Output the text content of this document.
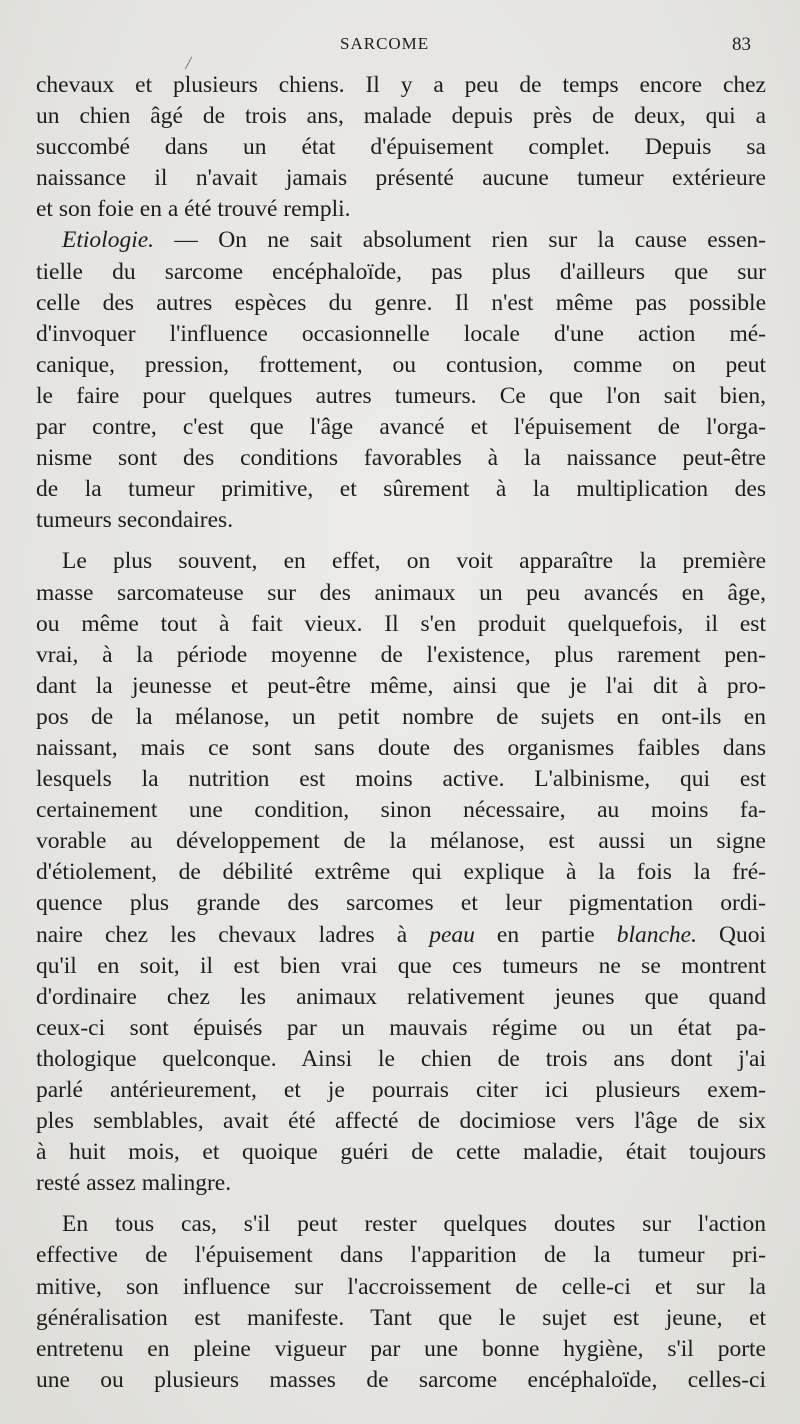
SARCOME	83
chevaux et plusieurs chiens. Il y a peu de temps encore chez
un chien âgé de trois ans, malade depuis près de deux, qui a
succombé dans un état d'épuisement complet. Depuis sa
naissance il n'avait jamais présenté aucune tumeur extérieure
et son foie en a été trouvé rempli.
Etiologie. — On ne sait absolument rien sur la cause essen-
tielle du sarcome encéphaloïde, pas plus d'ailleurs que sur
celle des autres espèces du genre. Il n'est même pas possible
d'invoquer l'influence occasionnelle locale d'une action mé-
canique, pression, frottement, ou contusion, comme on peut
le faire pour quelques autres tumeurs. Ce que l'on sait bien,
par contre, c'est que l'âge avancé et l'épuisement de l'orga-
nisme sont des conditions favorables à la naissance peut-être
de la tumeur primitive, et sûrement à la multiplication des
tumeurs secondaires.
Le plus souvent, en effet, on voit apparaître la première
masse sarcomateuse sur des animaux un peu avancés en âge,
ou même tout à fait vieux. Il s'en produit quelquefois, il est
vrai, à la période moyenne de l'existence, plus rarement pen-
dant la jeunesse et peut-être même, ainsi que je l'ai dit à pro-
pos de la mélanose, un petit nombre de sujets en ont-ils en
naissant, mais ce sont sans doute des organismes faibles dans
lesquels la nutrition est moins active. L'albinisme, qui est
certainement une condition, sinon nécessaire, au moins fa-
vorable au développement de la mélanose, est aussi un signe
d'étiolement, de débilité extrême qui explique à la fois la fré-
quence plus grande des sarcomes et leur pigmentation ordi-
naire chez les chevaux ladres à peau en partie blanche. Quoi
qu'il en soit, il est bien vrai que ces tumeurs ne se montrent
d'ordinaire chez les animaux relativement jeunes que quand
ceux-ci sont épuisés par un mauvais régime ou un état pa-
thologique quelconque. Ainsi le chien de trois ans dont j'ai
parlé antérieurement, et je pourrais citer ici plusieurs exem-
ples semblables, avait été affecté de docimiose vers l'âge de six
à huit mois, et quoique guéri de cette maladie, était toujours
resté assez malingre.
En tous cas, s'il peut rester quelques doutes sur l'action
effective de l'épuisement dans l'apparition de la tumeur pri-
mitive, son influence sur l'accroissement de celle-ci et sur la
généralisation est manifeste. Tant que le sujet est jeune, et
entretenu en pleine vigueur par une bonne hygiène, s'il porte
une ou plusieurs masses de sarcome encéphaloïde, celles-ci
